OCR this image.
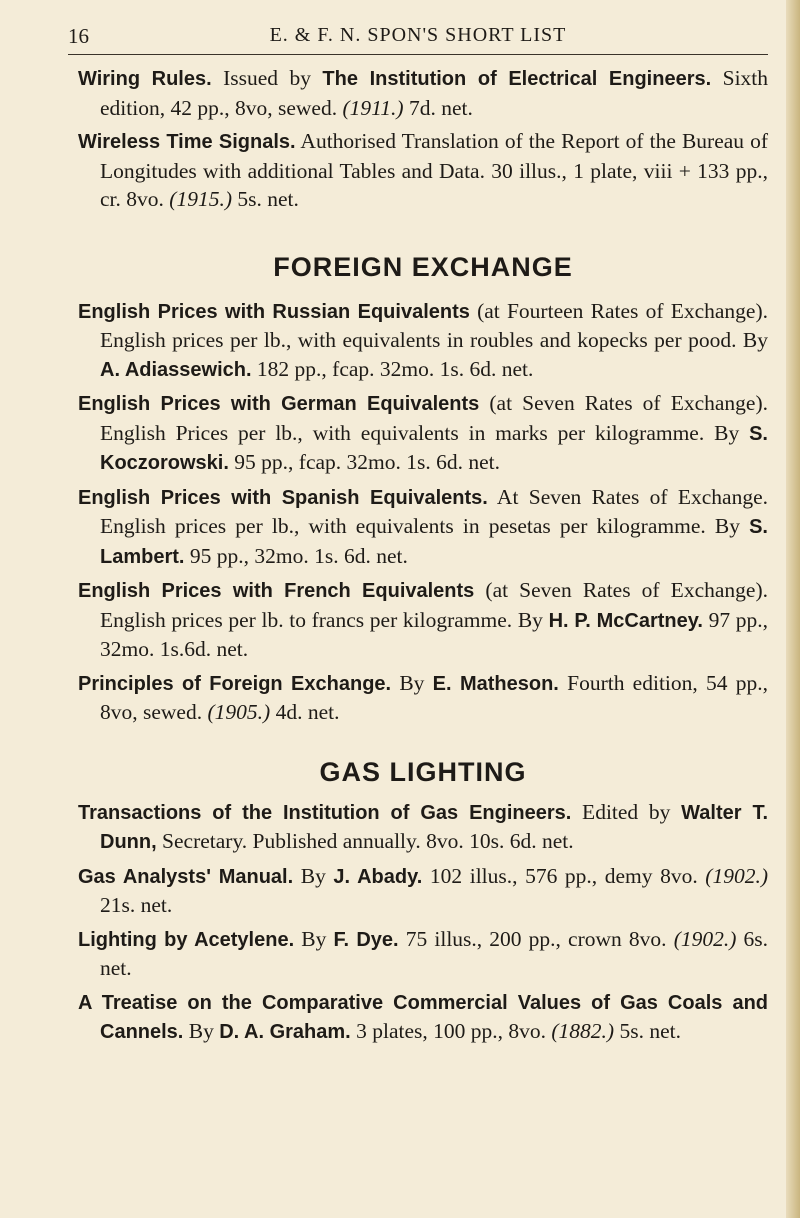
16	E. & F. N. SPON'S SHORT LIST

Wiring Rules. Issued by The Institution of Electrical Engineers. Sixth edition, 42 pp., 8vo, sewed. (1911.) 7d. net.

Wireless Time Signals. Authorised Translation of the Report of the Bureau of Longitudes with additional Tables and Data. 30 illus., 1 plate, viii + 133 pp., cr. 8vo. (1915.) 5s. net.

FOREIGN EXCHANGE

English Prices with Russian Equivalents (at Fourteen Rates of Exchange). English prices per lb., with equivalents in roubles and kopecks per pood. By A. Adiassewich. 182 pp., fcap. 32mo. 1s. 6d. net.

English Prices with German Equivalents (at Seven Rates of Exchange). English Prices per lb., with equivalents in marks per kilogramme. By S. Koczorowski. 95 pp., fcap. 32mo. 1s. 6d. net.

English Prices with Spanish Equivalents. At Seven Rates of Exchange. English prices per lb., with equivalents in pesetas per kilogramme. By S. Lambert. 95 pp., 32mo. 1s. 6d. net.

English Prices with French Equivalents (at Seven Rates of Exchange). English prices per lb. to francs per kilogramme. By H. P. McCartney. 97 pp., 32mo. 1s.6d. net.

Principles of Foreign Exchange. By E. Matheson. Fourth edition, 54 pp., 8vo, sewed. (1905.) 4d. net.

GAS LIGHTING

Transactions of the Institution of Gas Engineers. Edited by Walter T. Dunn, Secretary. Published annually. 8vo. 10s. 6d. net.

Gas Analysts' Manual. By J. Abady. 102 illus., 576 pp., demy 8vo. (1902.) 21s. net.

Lighting by Acetylene. By F. Dye. 75 illus., 200 pp., crown 8vo. (1902.) 6s. net.

A Treatise on the Comparative Commercial Values of Gas Coals and Cannels. By D. A. Graham. 3 plates, 100 pp., 8vo. (1882.) 5s. net.
